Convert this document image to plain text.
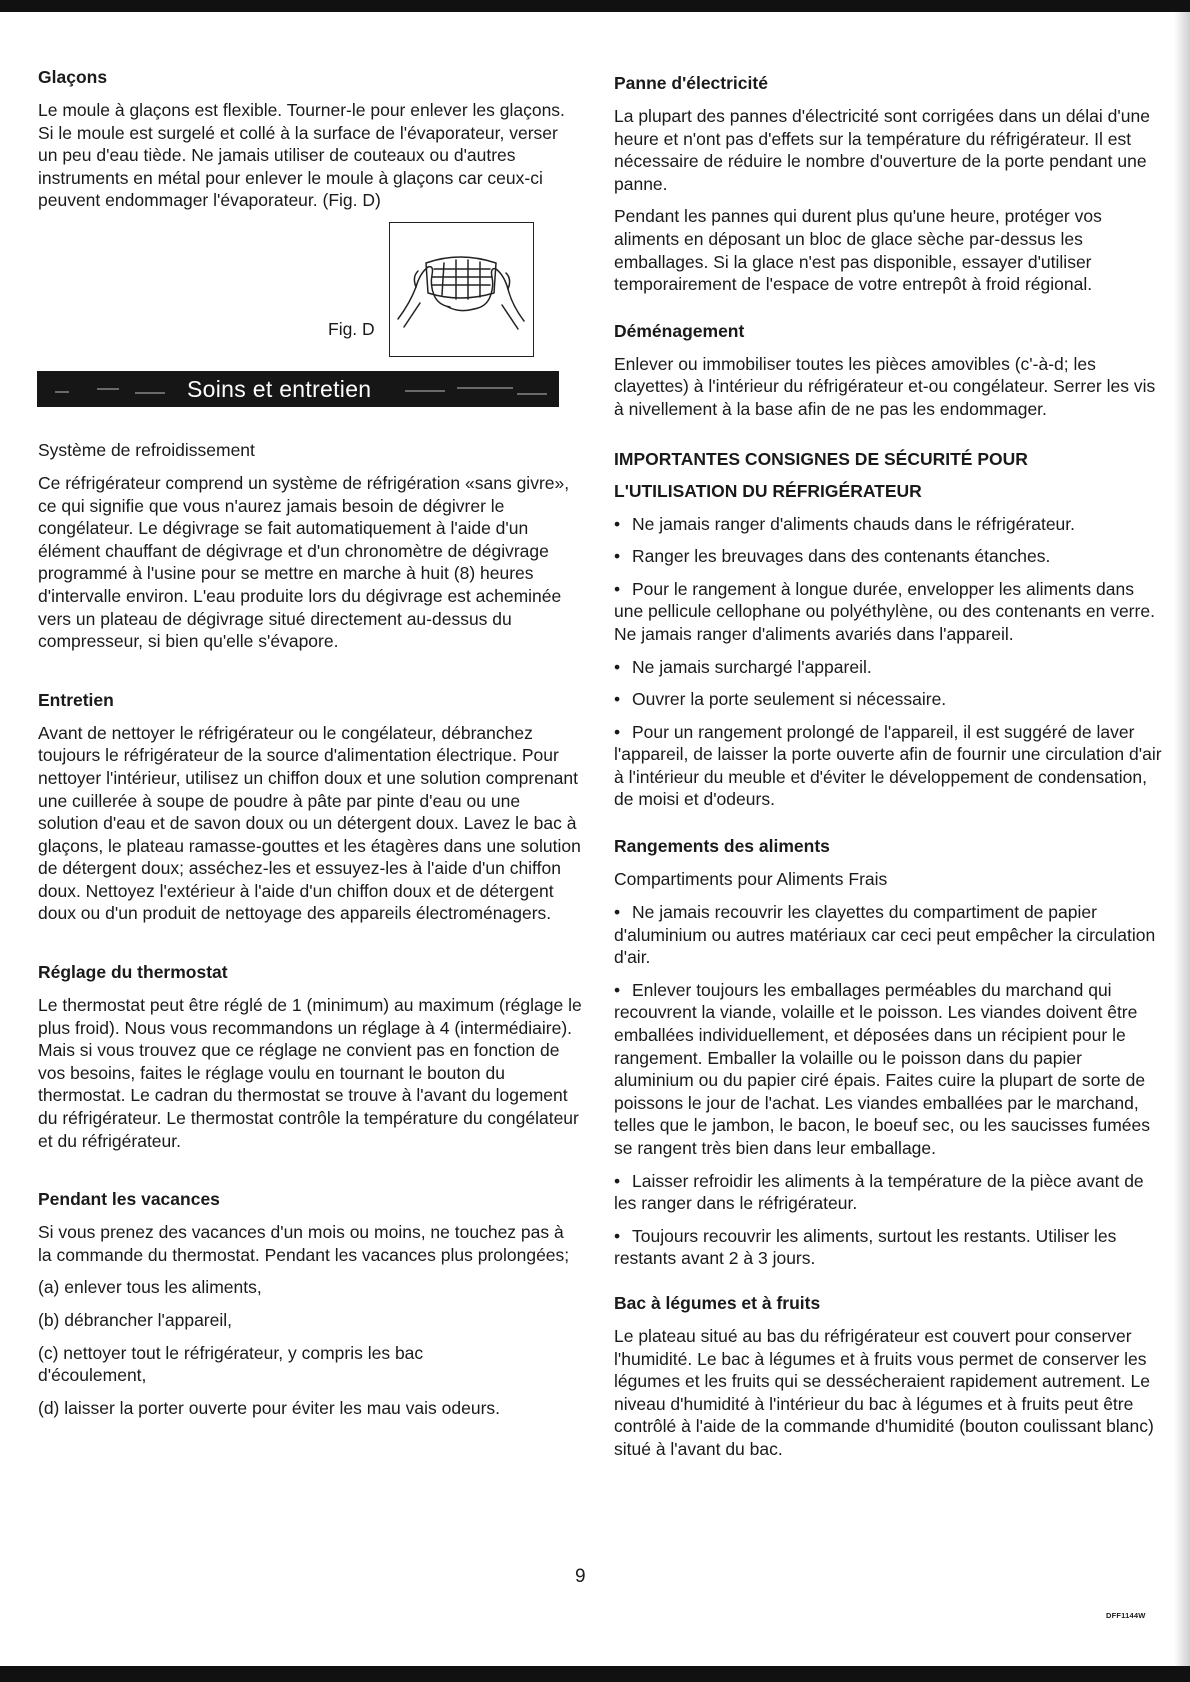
Glaçons

Le moule à glaçons est flexible. Tourner-le pour enlever les glaçons. Si le moule est surgelé et collé à la surface de l'évaporateur, verser un peu d'eau tiède. Ne jamais utiliser de couteaux ou d'autres instruments en métal pour enlever le moule à glaçons car ceux-ci peuvent endommager l'évaporateur. (Fig. D)

Fig. D
Soins et entretien
Système de refroidissement

Ce réfrigérateur comprend un système de réfrigération «sans givre», ce qui signifie que vous n'aurez jamais besoin de dégivrer le congélateur. Le dégivrage se fait automatiquement à l'aide d'un élément chauffant de dégivrage et d'un chronomètre de dégivrage programmé à l'usine pour se mettre en marche à huit (8) heures d'intervalle environ. L'eau produite lors du dégivrage est acheminée vers un plateau de dégivrage situé directement au-dessus du compresseur, si bien qu'elle s'évapore.

Entretien

Avant de nettoyer le réfrigérateur ou le congélateur, débranchez toujours le réfrigérateur de la source d'alimentation électrique. Pour nettoyer l'intérieur, utilisez un chiffon doux et une solution comprenant une cuillerée à soupe de poudre à pâte par pinte d'eau ou une solution d'eau et de savon doux ou un détergent doux. Lavez le bac à glaçons, le plateau ramasse-gouttes et les étagères dans une solution de détergent doux; asséchez-les et essuyez-les à l'aide d'un chiffon doux. Nettoyez l'extérieur à l'aide d'un chiffon doux et de détergent doux ou d'un produit de nettoyage des appareils électroménagers.

Réglage du thermostat

Le thermostat peut être réglé de 1 (minimum) au maximum (réglage le plus froid). Nous vous recommandons un réglage à 4 (intermédiaire). Mais si vous trouvez que ce réglage ne convient pas en fonction de vos besoins, faites le réglage voulu en tournant le bouton du thermostat. Le cadran du thermostat se trouve à l'avant du logement du réfrigérateur. Le thermostat contrôle la température du congélateur et du réfrigérateur.

Pendant les vacances

Si vous prenez des vacances d'un mois ou moins, ne touchez pas à la commande du thermostat. Pendant les vacances plus prolongées;

(a) enlever tous les aliments,

(b) débrancher l'appareil,

(c) nettoyer tout le réfrigérateur, y compris les bac d'écoulement,

(d) laisser la porter ouverte pour éviter les mau vais odeurs.

Panne d'électricité

La plupart des pannes d'électricité sont corrigées dans un délai d'une heure et n'ont pas d'effets sur la température du réfrigérateur. Il est nécessaire de réduire le nombre d'ouverture de la porte pendant une panne.

Pendant les pannes qui durent plus qu'une heure, protéger vos aliments en déposant un bloc de glace sèche par-dessus les emballages. Si la glace n'est pas disponible, essayer d'utiliser temporairement de l'espace de votre entrepôt à froid régional.

Déménagement

Enlever ou immobiliser toutes les pièces amovibles (c'-à-d; les clayettes) à l'intérieur du réfrigérateur et-ou congélateur. Serrer les vis à nivellement à la base afin de ne pas les endommager.

IMPORTANTES CONSIGNES DE SÉCURITÉ POUR
L'UTILISATION DU RÉFRIGÉRATEUR

• Ne jamais ranger d'aliments chauds dans le réfrigérateur.

• Ranger les breuvages dans des contenants étanches.

• Pour le rangement à longue durée, envelopper les aliments dans une pellicule cellophane ou polyéthylène, ou des contenants en verre. Ne jamais ranger d'aliments avariés dans l'appareil.

• Ne jamais surchargé l'appareil.

• Ouvrer la porte seulement si nécessaire.

• Pour un rangement prolongé de l'appareil, il est suggéré de laver l'appareil, de laisser la porte ouverte afin de fournir une circulation d'air à l'intérieur du meuble et d'éviter le développement de condensation, de moisi et d'odeurs.

Rangements des aliments
Compartiments pour Aliments Frais

• Ne jamais recouvrir les clayettes du compartiment de papier d'aluminium ou autres matériaux car ceci peut empêcher la circulation d'air.

• Enlever toujours les emballages perméables du marchand qui recouvrent la viande, volaille et le poisson. Les viandes doivent être emballées individuellement, et déposées dans un récipient pour le rangement. Emballer la volaille ou le poisson dans du papier aluminium ou du papier ciré épais. Faites cuire la plupart de sorte de poissons le jour de l'achat. Les viandes emballées par le marchand, telles que le jambon, le bacon, le boeuf sec, ou les saucisses fumées se rangent très bien dans leur emballage.

• Laisser refroidir les aliments à la température de la pièce avant de les ranger dans le réfrigérateur.

• Toujours recouvrir les aliments, surtout les restants. Utiliser les restants avant 2 à 3 jours.

Bac à légumes et à fruits

Le plateau situé au bas du réfrigérateur est couvert pour conserver l'humidité. Le bac à légumes et à fruits vous permet de conserver les légumes et les fruits qui se dessécheraient rapidement autrement. Le niveau d'humidité à l'intérieur du bac à légumes et à fruits peut être contrôlé à l'aide de la commande d'humidité (bouton coulissant blanc) situé à l'avant du bac.

9
DFF1144W
